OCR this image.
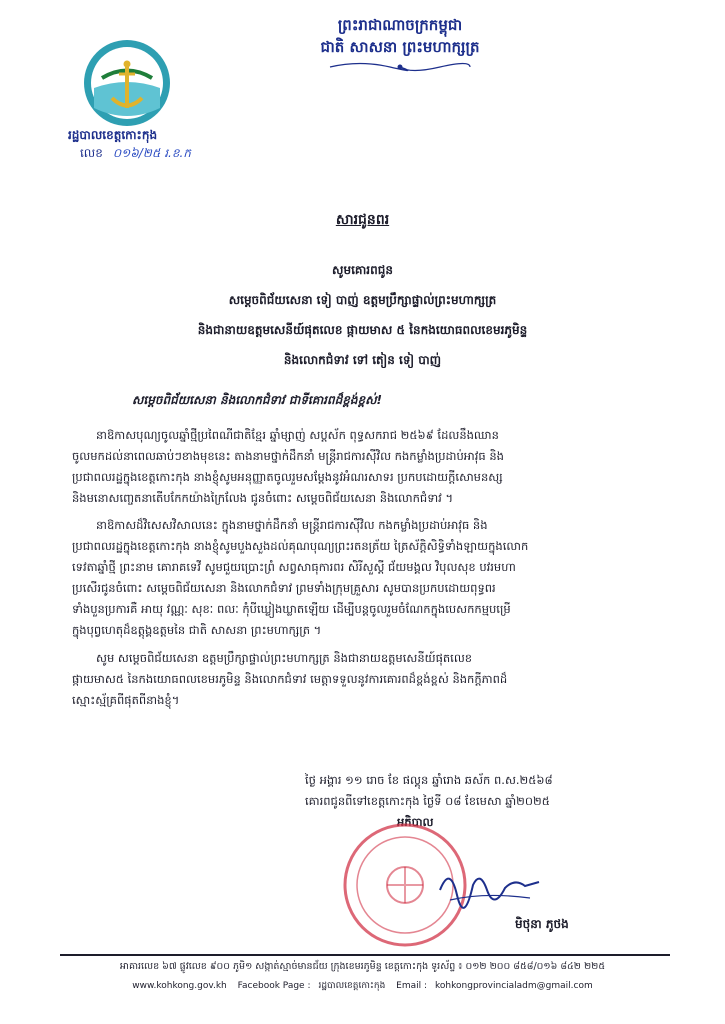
ព្រះរាជាណាចក្រកម្ពុជា
ជាតិ សាសនា ព្រះមហាក្សត្រ
រដ្ឋបាលខេត្តកោះកុង
លេខ ០១៦/២៥ រ.ខ.ក
សារជូនពរ
សូមគោរពជូន
សម្តេចពិជ័យសេនា ទៀ បាញ់ ឧត្តមប្រឹក្សាផ្ទាល់ព្រះមហាក្សត្រ
និងជានាយឧត្តមសេនីយ៍ផុតលេខ ផ្កាយមាស ៥ នៃកងយោធពលខេមរភូមិន្ទ
និងលោកជំទាវ ទៅ តៀន ទៀ បាញ់
សម្តេចពិជ័យសេនា និងលោកជំទាវ ជាទីគោរពដ៏ខ្ពង់ខ្ពស់!
នាឱកាសបុណ្យចូលឆ្នាំថ្មីប្រពៃណីជាតិខ្មែរ ឆ្នាំម្សាញ់ សប្តស័ក ពុទ្ធសករាជ ២៥៦៩ ដែលនឹងឈាន
ចូលមកដល់នាពេលឆាប់ៗខាងមុខនេះ តាងនាមថ្នាក់ដឹកនាំ មន្ត្រីរាជការស៊ីវិល កងកម្លាំងប្រដាប់អាវុធ និង
ប្រជាពលរដ្ឋក្នុងខេត្តកោះកុង នាងខ្ញុំសូមអនុញ្ញាតចូលរួមសម្តែងនូវអំណរសាទរ ប្រកបដោយក្តីសោមនស្ស
និងមនោសញ្ចេតនាតើបកែកយ៉ាងក្រៃលែង ជូនចំពោះ សម្តេចពិជ័យសេនា និងលោកជំទាវ ។
នាឱកាសដ៏វិសេសវិសាលនេះ ក្នុងនាមថ្នាក់ដឹកនាំ មន្ត្រីរាជការស៊ីវិល កងកម្លាំងប្រដាប់អាវុធ និង
ប្រជាពលរដ្ឋក្នុងខេត្តកោះកុង នាងខ្ញុំសូមបួងសួងដល់គុណបុណ្យព្រះរតនត្រ័យ ត្រៃស័ក្តិសិទ្ធិទាំងឡាយក្នុងលោក
ទេវតាឆ្នាំថ្មី ព្រះនាម គោរាគទេវី សូមជួយប្រោះព្រំ សព្វសាធុការពរ សិរីសួស្តី ជ័យមង្គល វិបុលសុខ បវរមហា
ប្រសើរជូនចំពោះ សម្តេចពិជ័យសេនា និងលោកជំទាវ ព្រមទាំងក្រុមគ្រួសារ សូមបានប្រកបដោយពុទ្ធពរ
ទាំងបួនប្រការគឺ អាយុ វណ្ណៈ សុខៈ ពលៈ កុំបីឃ្លៀងឃ្លាតឡើយ ដើម្បីបន្តចូលរួមចំណែកក្នុងបេសកកម្មបម្រើ
ក្នុងបុព្វហេតុដ៏ឧត្តុង្គឧត្តមនៃ ជាតិ សាសនា ព្រះមហាក្សត្រ ។
សូម សម្តេចពិជ័យសេនា ឧត្តមប្រឹក្សាផ្ទាល់ព្រះមហាក្សត្រ និងជានាយឧត្តមសេនីយ៍ផុតលេខ
ផ្កាយមាស៥ នៃកងយោធពលខេមរភូមិន្ទ និងលោកជំទាវ មេត្តាទទួលនូវការគោរពដ៏ខ្ពង់ខ្ពស់ និងកក្តីភាពដ៏
ស្មោះស្ម័គ្រពីផុតពីនាងខ្ញុំ។
ថ្ងៃ អង្គារ ១១ រោច ខែ ផល្គុន ឆ្នាំរោង ឆស័ក ព.ស.២៥៦៨
គោរពជូនពីទៅខេត្តកោះកុង ថ្ងៃទី ០៨ ខែមេសា ឆ្នាំ២០២៥
អភិបាល
មិថុនា ភូថង
អាគារលេខ ៦៧ ផ្លូវលេខ ៩០០ ភូមិ១ សង្កាត់ស្មាច់មានជ័យ ក្រុងខេមរភូមិន្ទ ខេត្តកោះកុង ទូរស័ព្ទ ៖ ០១២ ២០០ ៨៥៨/០១៦ ៨៤២ ២២៥
www.kohkong.gov.kh Facebook Page : រដ្ឋបាលខេត្តកោះកុង Email : kohkongprovincialadm@gmail.com
